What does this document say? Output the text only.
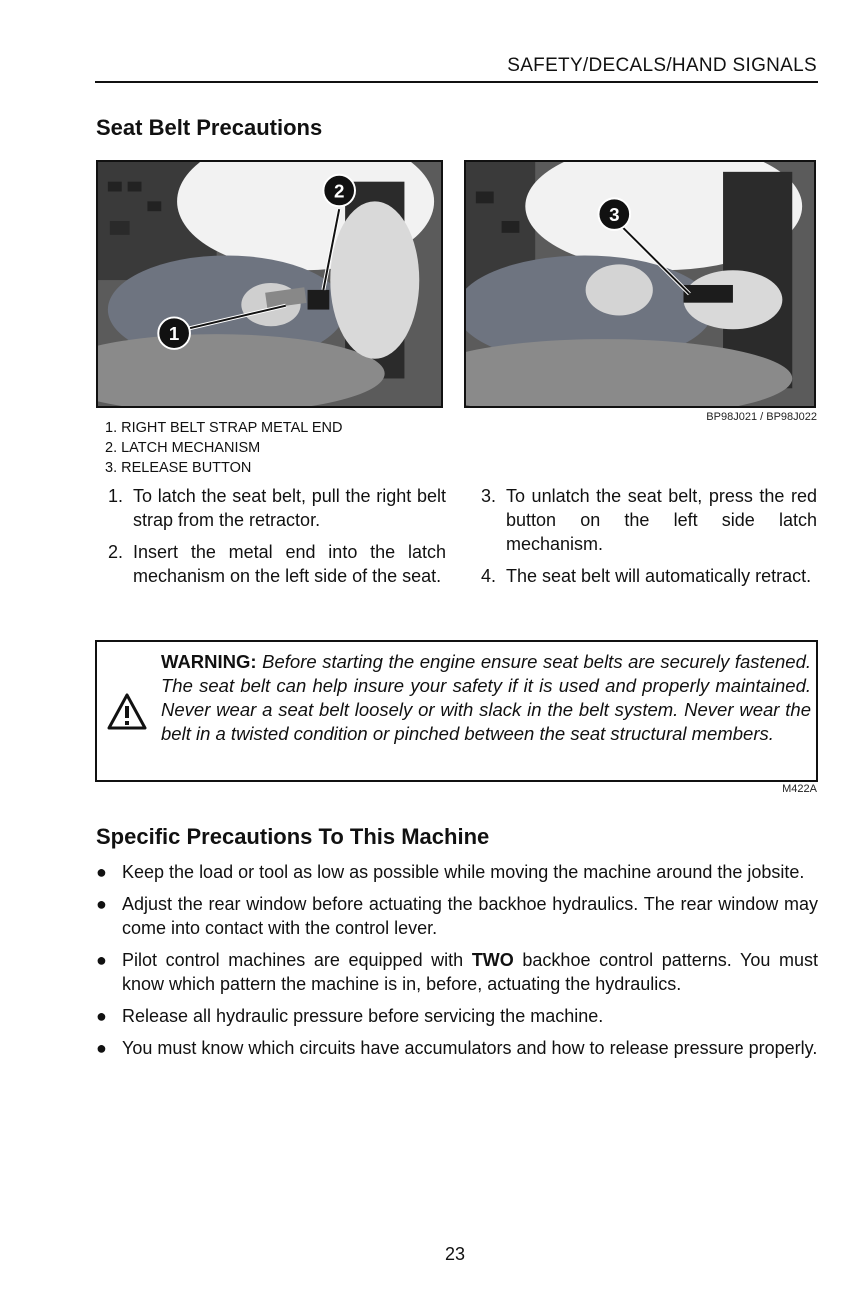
SAFETY/DECALS/HAND SIGNALS
Seat Belt Precautions
1
2
3
BP98J021 / BP98J022
1. RIGHT BELT STRAP METAL END
2. LATCH MECHANISM
3. RELEASE BUTTON
1. To latch the seat belt, pull the right belt strap from the retractor.
2. Insert the metal end into the latch mechanism on the left side of the seat.
3. To unlatch the seat belt, press the red button on the left side latch mechanism.
4. The seat belt will automatically retract.
WARNING: Before starting the engine ensure seat belts are securely fastened. The seat belt can help insure your safety if it is used and properly maintained. Never wear a seat belt loosely or with slack in the belt system. Never wear the belt in a twisted condition or pinched between the seat structural members.
M422A
Specific Precautions To This Machine
● Keep the load or tool as low as possible while moving the machine around the jobsite.
● Adjust the rear window before actuating the backhoe hydraulics. The rear window may come into contact with the control lever.
● Pilot control machines are equipped with TWO backhoe control patterns. You must know which pattern the machine is in, before, actuating the hydraulics.
● Release all hydraulic pressure before servicing the machine.
● You must know which circuits have accumulators and how to release pressure properly.
23
